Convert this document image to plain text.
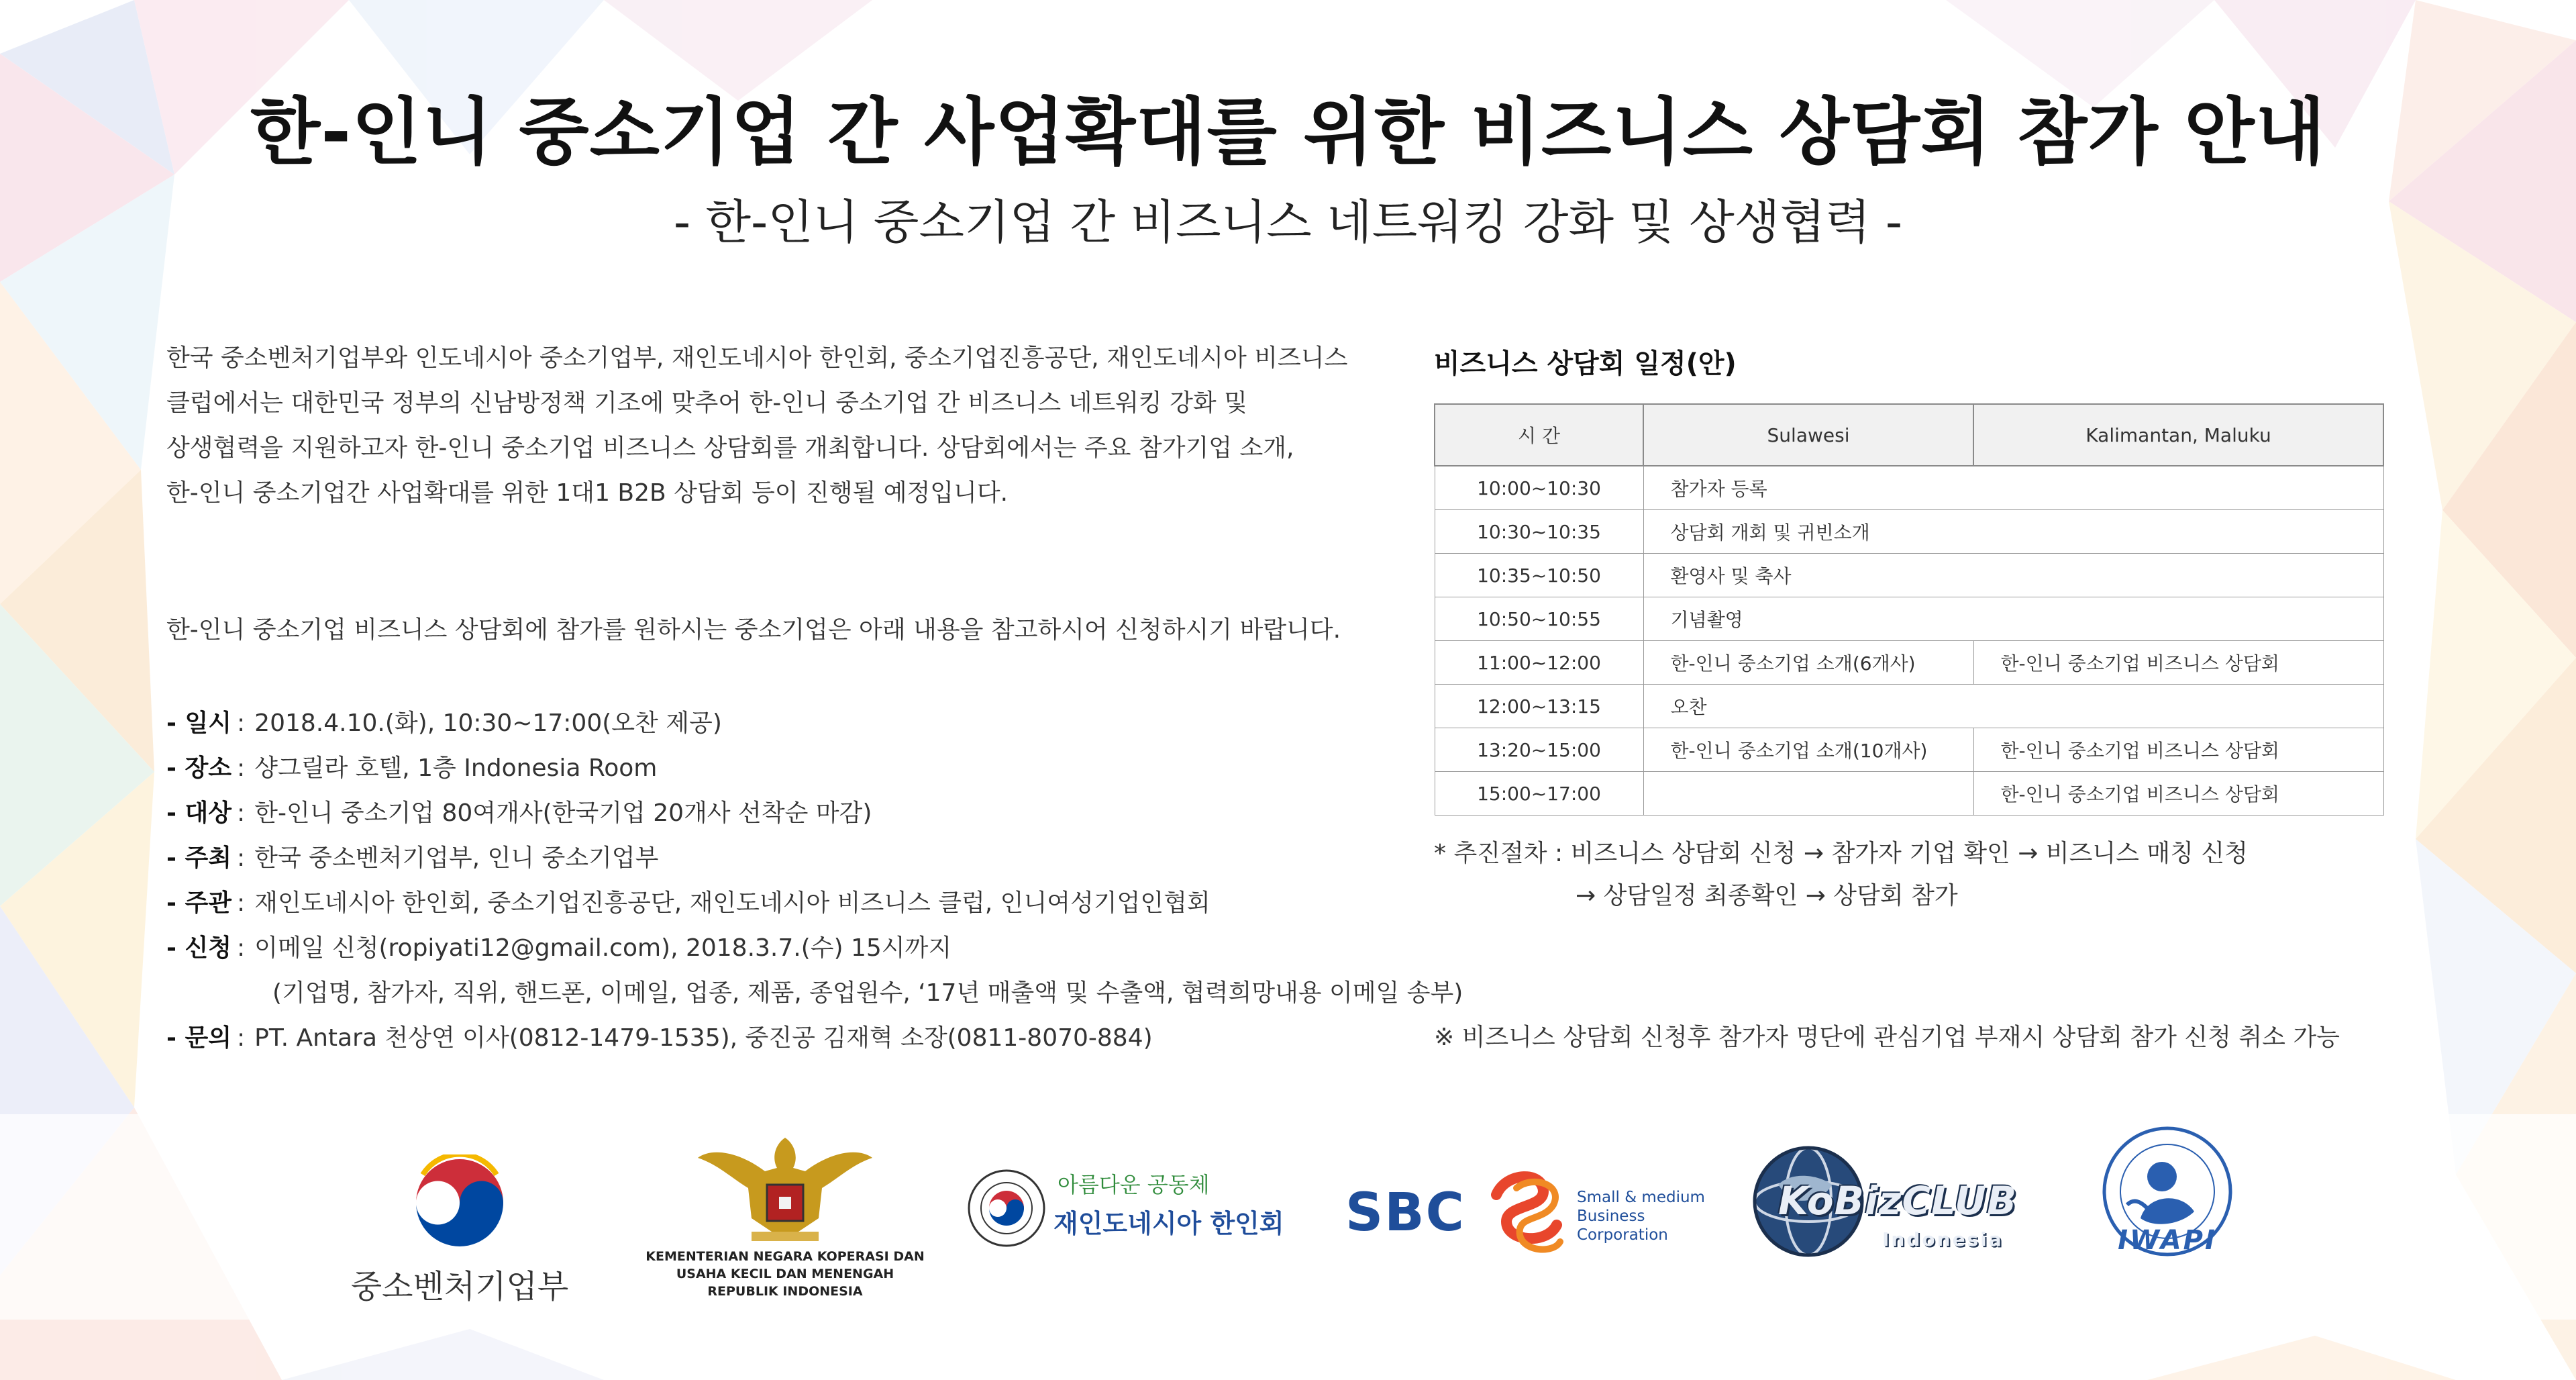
한-인니 중소기업 간 사업확대를 위한 비즈니스 상담회 참가 안내
- 한-인니 중소기업 간 비즈니스 네트워킹 강화 및 상생협력 -

한국 중소벤처기업부와 인도네시아 중소기업부, 재인도네시아 한인회, 중소기업진흥공단, 재인도네시아 비즈니스

클럽에서는 대한민국 정부의 신남방정책 기조에 맞추어 한-인니 중소기업 간 비즈니스 네트워킹 강화 및

상생협력을 지원하고자 한-인니 중소기업 비즈니스 상담회를 개최합니다. 상담회에서는 주요 참가기업 소개,

한-인니 중소기업간 사업확대를 위한 1대1 B2B 상담회 등이 진행될 예정입니다.

한-인니 중소기업 비즈니스 상담회에 참가를 원하시는 중소기업은 아래 내용을 참고하시어 신청하시기 바랍니다.
- 일시 : 2018.4.10.(화), 10:30~17:00(오찬 제공)
- 장소 : 샹그릴라 호텔, 1층 Indonesia Room
- 대상 : 한-인니 중소기업 80여개사(한국기업 20개사 선착순 마감)
- 주최 : 한국 중소벤처기업부, 인니 중소기업부
- 주관 : 재인도네시아 한인회, 중소기업진흥공단, 재인도네시아 비즈니스 클럽, 인니여성기업인협회
- 신청 : 이메일 신청(ropiyati12@gmail.com), 2018.3.7.(수) 15시까지
(기업명, 참가자, 직위, 핸드폰, 이메일, 업종, 제품, 종업원수, ‘17년 매출액 및 수출액, 협력희망내용 이메일 송부)
- 문의 : PT. Antara 천상연 이사(0812-1479-1535), 중진공 김재혁 소장(0811-8070-884)
비즈니스 상담회 일정(안)
시 간	Sulawesi	Kalimantan, Maluku
10:00~10:30	참가자 등록	
10:30~10:35	상담회 개회 및 귀빈소개	
10:35~10:50	환영사 및 축사	
10:50~10:55	기념촬영	
11:00~12:00	한-인니 중소기업 소개(6개사)	한-인니 중소기업 비즈니스 상담회
12:00~13:15	오찬	
13:20~15:00	한-인니 중소기업 소개(10개사)	한-인니 중소기업 비즈니스 상담회
15:00~17:00		한-인니 중소기업 비즈니스 상담회
* 추진절차 : 비즈니스 상담회 신청 → 참가자 기업 확인 → 비즈니스 매칭 신청
→ 상담일정 최종확인 → 상담회 참가
※ 비즈니스 상담회 신청후 참가자 명단에 관심기업 부재시 상담회 참가 신청 취소 가능
중소벤처기업부
KEMENTERIAN NEGARA KOPERASI DAN
USAHA KECIL DAN MENENGAH
REPUBLIK INDONESIA
아름다운 공동체
재인도네시아 한인회 SBC	Small & medium
Business
Corporation
KoBizCLUB
Indonesia	IWAPI
